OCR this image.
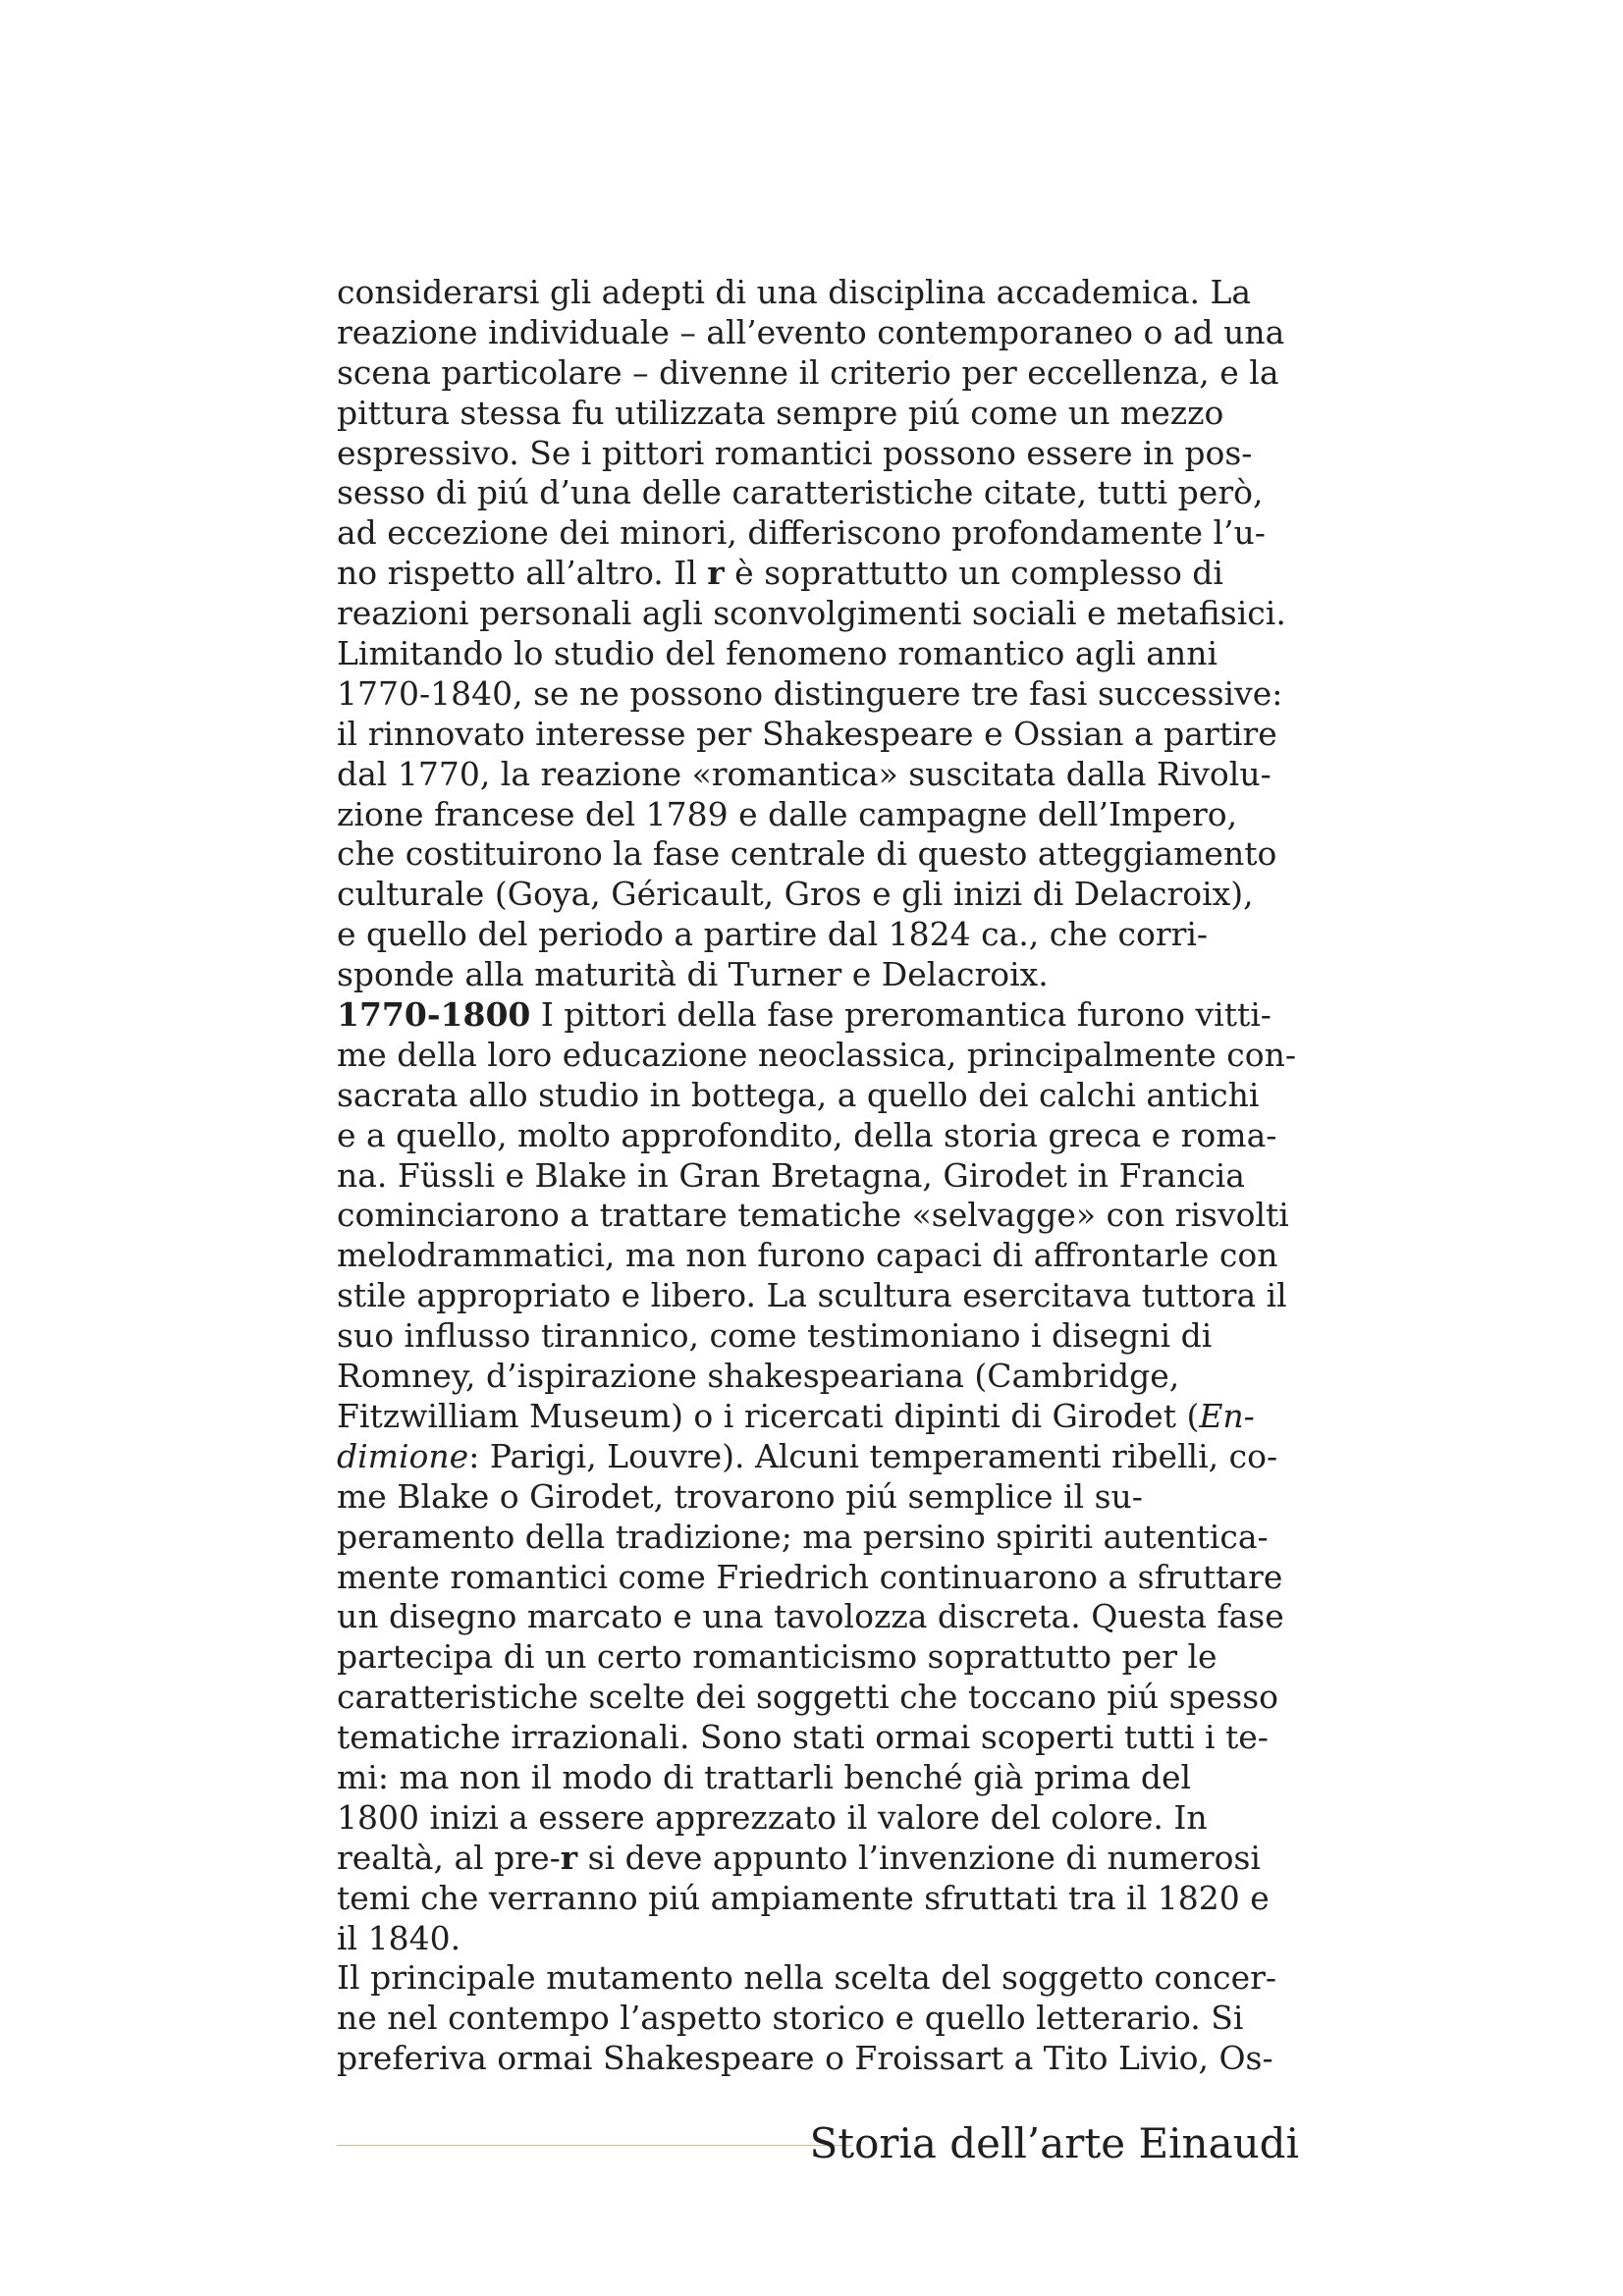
considerarsi gli adepti di una disciplina accademica. La
reazione individuale – all’evento contemporaneo o ad una
scena particolare – divenne il criterio per eccellenza, e la
pittura stessa fu utilizzata sempre piú come un mezzo
espressivo. Se i pittori romantici possono essere in pos-
sesso di piú d’una delle caratteristiche citate, tutti però,
ad eccezione dei minori, differiscono profondamente l’u-
no rispetto all’altro. Il r è soprattutto un complesso di
reazioni personali agli sconvolgimenti sociali e metafisici.
Limitando lo studio del fenomeno romantico agli anni
1770-1840, se ne possono distinguere tre fasi successive:
il rinnovato interesse per Shakespeare e Ossian a partire
dal 1770, la reazione «romantica» suscitata dalla Rivolu-
zione francese del 1789 e dalle campagne dell’Impero,
che costituirono la fase centrale di questo atteggiamento
culturale (Goya, Géricault, Gros e gli inizi di Delacroix),
e quello del periodo a partire dal 1824 ca., che corri-
sponde alla maturità di Turner e Delacroix.
1770-1800 I pittori della fase preromantica furono vitti-
me della loro educazione neoclassica, principalmente con-
sacrata allo studio in bottega, a quello dei calchi antichi
e a quello, molto approfondito, della storia greca e roma-
na. Füssli e Blake in Gran Bretagna, Girodet in Francia
cominciarono a trattare tematiche «selvagge» con risvolti
melodrammatici, ma non furono capaci di affrontarle con
stile appropriato e libero. La scultura esercitava tuttora il
suo influsso tirannico, come testimoniano i disegni di
Romney, d’ispirazione shakespeariana (Cambridge,
Fitzwilliam Museum) o i ricercati dipinti di Girodet (En-
dimione: Parigi, Louvre). Alcuni temperamenti ribelli, co-
me Blake o Girodet, trovarono piú semplice il su-
peramento della tradizione; ma persino spiriti autentica-
mente romantici come Friedrich continuarono a sfruttare
un disegno marcato e una tavolozza discreta. Questa fase
partecipa di un certo romanticismo soprattutto per le
caratteristiche scelte dei soggetti che toccano piú spesso
tematiche irrazionali. Sono stati ormai scoperti tutti i te-
mi: ma non il modo di trattarli benché già prima del
1800 inizi a essere apprezzato il valore del colore. In
realtà, al pre-r si deve appunto l’invenzione di numerosi
temi che verranno piú ampiamente sfruttati tra il 1820 e
il 1840.
Il principale mutamento nella scelta del soggetto concer-
ne nel contempo l’aspetto storico e quello letterario. Si
preferiva ormai Shakespeare o Froissart a Tito Livio, Os-
Storia dell’arte Einaudi
